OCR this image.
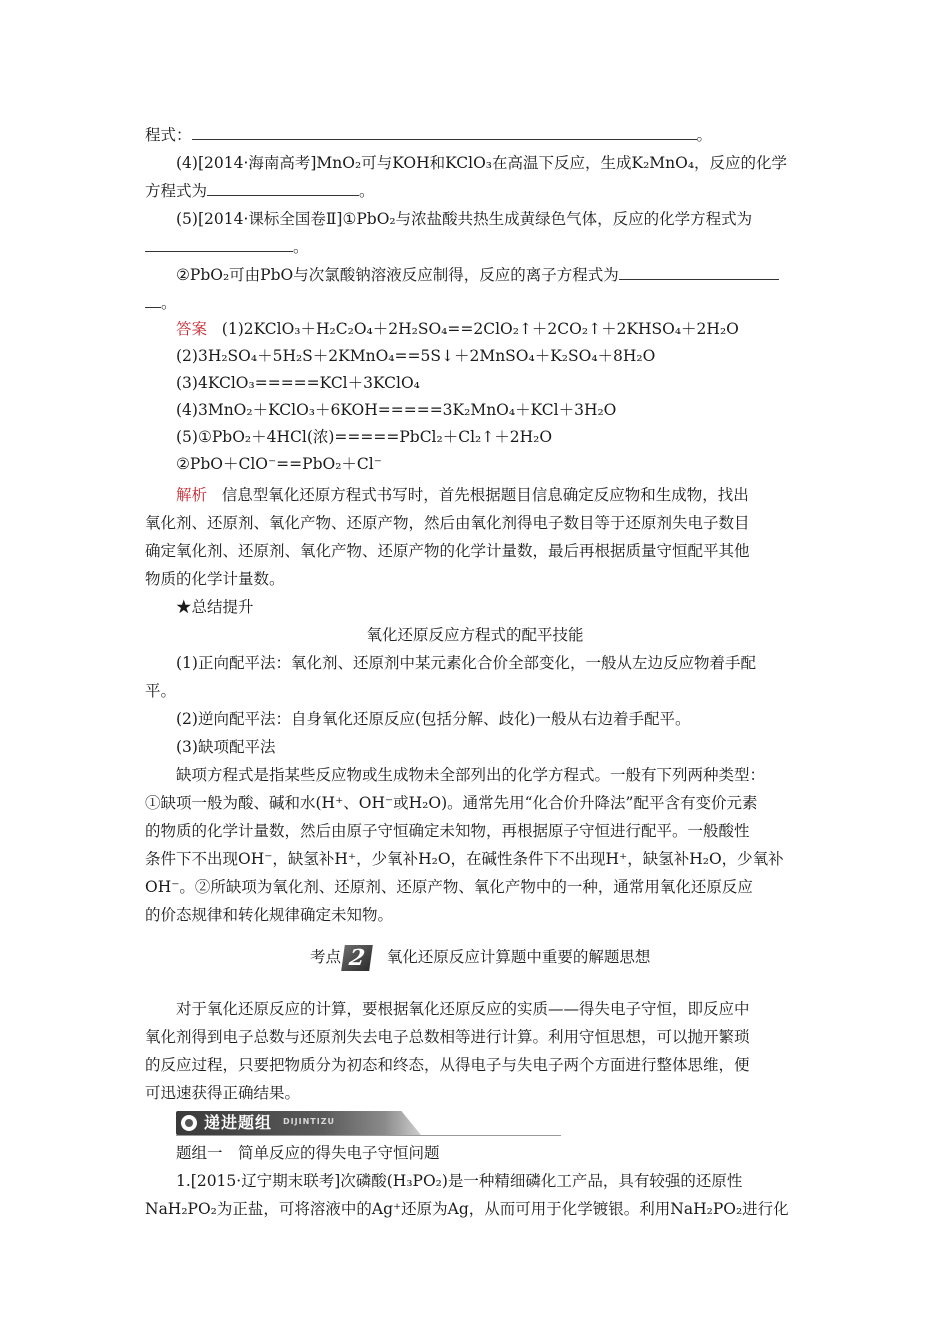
程式：	。
(4)[2014·海南高考]MnO₂可与KOH和KClO₃在高温下反应，生成K₂MnO₄，反应的化学
方程式为	。
(5)[2014·课标全国卷Ⅱ]①PbO₂与浓盐酸共热生成黄绿色气体，反应的化学方程式为
。
②PbO₂可由PbO与次氯酸钠溶液反应制得，反应的离子方程式为
。
答案 (1)2KClO₃＋H₂C₂O₄＋2H₂SO₄==2ClO₂↑＋2CO₂↑＋2KHSO₄＋2H₂O
(2)3H₂SO₄＋5H₂S＋2KMnO₄==5S↓＋2MnSO₄＋K₂SO₄＋8H₂O
(3)4KClO₃=====KCl＋3KClO₄
(4)3MnO₂＋KClO₃＋6KOH=====3K₂MnO₄＋KCl＋3H₂O
(5)①PbO₂＋4HCl(浓)=====PbCl₂＋Cl₂↑＋2H₂O
②PbO＋ClO⁻==PbO₂＋Cl⁻
解析 信息型氧化还原方程式书写时，首先根据题目信息确定反应物和生成物，找出
氧化剂、还原剂、氧化产物、还原产物，然后由氧化剂得电子数目等于还原剂失电子数目
确定氧化剂、还原剂、氧化产物、还原产物的化学计量数，最后再根据质量守恒配平其他
物质的化学计量数。
★总结提升
氧化还原反应方程式的配平技能
(1)正向配平法：氧化剂、还原剂中某元素化合价全部变化，一般从左边反应物着手配
平。
(2)逆向配平法：自身氧化还原反应(包括分解、歧化)一般从右边着手配平。
(3)缺项配平法
缺项方程式是指某些反应物或生成物未全部列出的化学方程式。一般有下列两种类型：
①缺项一般为酸、碱和水(H⁺、OH⁻或H₂O)。通常先用“化合价升降法”配平含有变价元素
的物质的化学计量数，然后由原子守恒确定未知物，再根据原子守恒进行配平。一般酸性
条件下不出现OH⁻，缺氢补H⁺，少氧补H₂O，在碱性条件下不出现H⁺，缺氢补H₂O，少氧补
OH⁻。②所缺项为氧化剂、还原剂、还原产物、氧化产物中的一种，通常用氧化还原反应
的价态规律和转化规律确定未知物。
考点 2 氧化还原反应计算题中重要的解题思想
对于氧化还原反应的计算，要根据氧化还原反应的实质——得失电子守恒，即反应中
氧化剂得到电子总数与还原剂失去电子总数相等进行计算。利用守恒思想，可以抛开繁琐
的反应过程，只要把物质分为初态和终态，从得电子与失电子两个方面进行整体思维，便
可迅速获得正确结果。
递进题组 DIJINTIZU
题组一　简单反应的得失电子守恒问题
1.[2015·辽宁期末联考]次磷酸(H₃PO₂)是一种精细磷化工产品，具有较强的还原性
NaH₂PO₂为正盐，可将溶液中的Ag⁺还原为Ag，从而可用于化学镀银。利用NaH₂PO₂进行化
